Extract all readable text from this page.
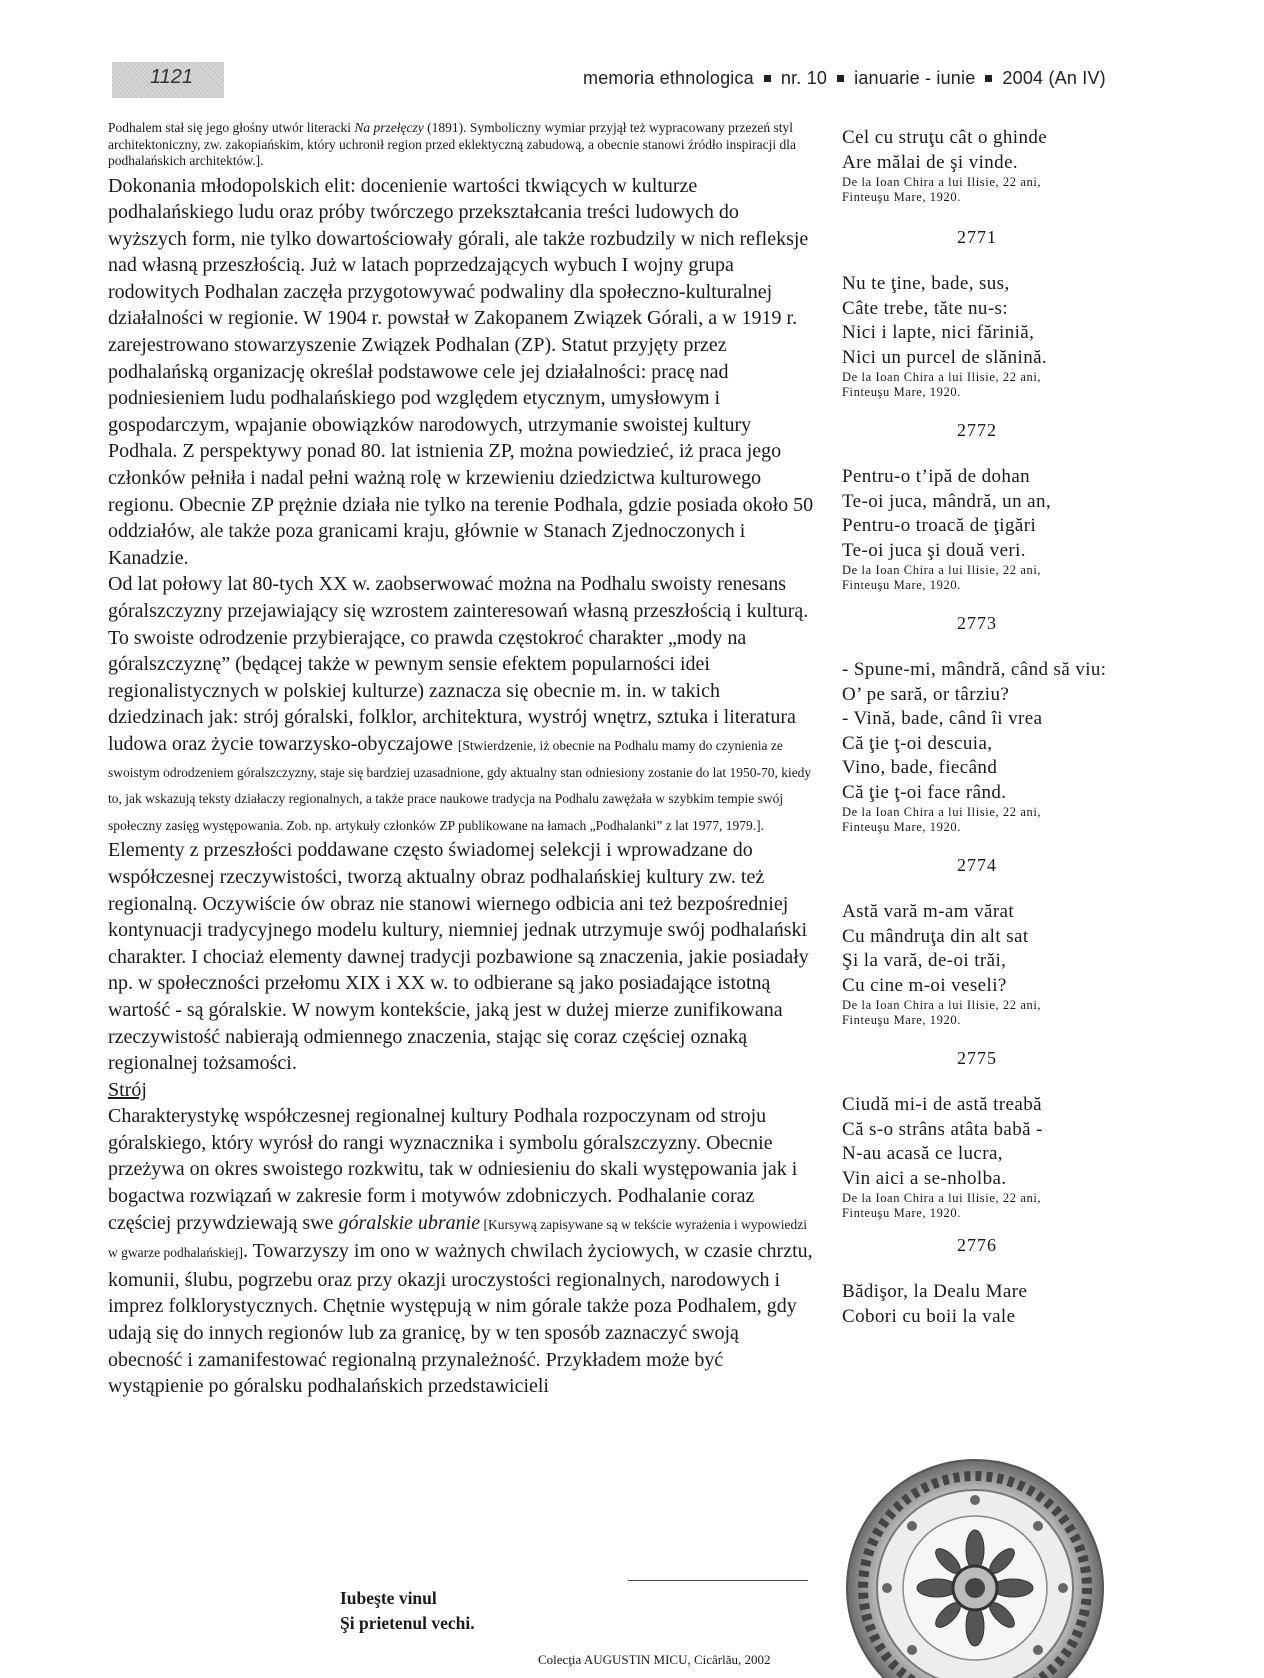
1121	memoria ethnologica nr. 10 ianuarie - iunie 2004 (An IV)

Podhalem stał się jego głośny utwór literacki Na przełęczy (1891). Symboliczny wymiar przyjął też wypracowany przezeń styl architektoniczny, zw. zakopiańskim, który uchronił region przed eklektyczną zabudową, a obecnie stanowi źródło inspiracji dla podhalańskich architektów.].

Dokonania młodopolskich elit: docenienie wartości tkwiących w kulturze podhalańskiego ludu oraz próby twórczego przekształcania treści ludowych do wyższych form, nie tylko dowartościowały górali, ale także rozbudzily w nich refleksje nad własną przeszłością. Już w latach poprzedzających wybuch I wojny grupa rodowitych Podhalan zaczęła przygotowywać podwaliny dla społeczno-kulturalnej działalności w regionie. W 1904 r. powstał w Zakopanem Związek Górali, a w 1919 r. zarejestrowano stowarzyszenie Związek Podhalan (ZP). Statut przyjęty przez podhalańską organizację określał podstawowe cele jej działalności: pracę nad podniesieniem ludu podhalańskiego pod względem etycznym, umysłowym i gospodarczym, wpajanie obowiązków narodowych, utrzymanie swoistej kultury Podhala. Z perspektywy ponad 80. lat istnienia ZP, można powiedzieć, iż praca jego członków pełniła i nadal pełni ważną rolę w krzewieniu dziedzictwa kulturowego regionu. Obecnie ZP prężnie działa nie tylko na terenie Podhala, gdzie posiada około 50 oddziałów, ale także poza granicami kraju, głównie w Stanach Zjednoczonych i Kanadzie.

Od lat połowy lat 80-tych XX w. zaobserwować można na Podhalu swoisty renesans góralszczyzny przejawiający się wzrostem zainteresowań własną przeszłością i kulturą. To swoiste odrodzenie przybierające, co prawda częstokroć charakter „mody na góralszczyznę” (będącej także w pewnym sensie efektem popularności idei regionalistycznych w polskiej kulturze) zaznacza się obecnie m. in. w takich dziedzinach jak: strój góralski, folklor, architektura, wystrój wnętrz, sztuka i literatura ludowa oraz życie towarzysko-obyczajowe [Stwierdzenie, iż obecnie na Podhalu mamy do czynienia ze swoistym odrodzeniem góralszczyzny, staje się bardziej uzasadnione, gdy aktualny stan odniesiony zostanie do lat 1950-70, kiedy to, jak wskazują teksty działaczy regionalnych, a także prace naukowe tradycja na Podhalu zawężała w szybkim tempie swój społeczny zasięg występowania. Zob. np. artykuły członków ZP publikowane na łamach „Podhalanki” z lat 1977, 1979.].

Elementy z przeszłości poddawane często świadomej selekcji i wprowadzane do współczesnej rzeczywistości, tworzą aktualny obraz podhalańskiej kultury zw. też regionalną. Oczywiście ów obraz nie stanowi wiernego odbicia ani też bezpośredniej kontynuacji tradycyjnego modelu kultury, niemniej jednak utrzymuje swój podhalański charakter. I chociaż elementy dawnej tradycji pozbawione są znaczenia, jakie posiadały np. w społeczności przełomu XIX i XX w. to odbierane są jako posiadające istotną wartość - są góralskie. W nowym kontekście, jaką jest w dużej mierze zunifikowana rzeczywistość nabierają odmiennego znaczenia, stając się coraz częściej oznaką regionalnej tożsamości.

Strój

Charakterystykę współczesnej regionalnej kultury Podhala rozpoczynam od stroju góralskiego, który wyrósł do rangi wyznacznika i symbolu góralszczyzny. Obecnie przeżywa on okres swoistego rozkwitu, tak w odniesieniu do skali występowania jak i bogactwa rozwiązań w zakresie form i motywów zdobniczych. Podhalanie coraz częściej przywdziewają swe góralskie ubranie [Kursywą zapisywane są w tekście wyrażenia i wypowiedzi w gwarze podhalańskiej]. Towarzyszy im ono w ważnych chwilach życiowych, w czasie chrztu, komunii, ślubu, pogrzebu oraz przy okazji uroczystości regionalnych, narodowych i imprez folklorystycznych. Chętnie występują w nim górale także poza Podhalem, gdy udają się do innych regionów lub za granicę, by w ten sposób zaznaczyć swoją obecność i zamanifestować regionalną przynależność. Przykładem może być wystąpienie po góralsku podhalańskich przedstawicieli

Cel cu struţu cât o ghinde
Are mălai de şi vinde.
De la Ioan Chira a lui Ilisie, 22 ani, Finteuşu Mare, 1920.
2771
Nu te ţine, bade, sus,
Câte trebe, tăte nu-s:
Nici i lapte, nici făriniă,
Nici un purcel de slănină.
De la Ioan Chira a lui Ilisie, 22 ani, Finteuşu Mare, 1920.
2772
Pentru-o t’ipă de dohan
Te-oi juca, mândră, un an,
Pentru-o troacă de ţigări
Te-oi juca şi două veri.
De la Ioan Chira a lui Ilisie, 22 ani, Finteuşu Mare, 1920.
2773
- Spune-mi, mândră, când să viu:
O’ pe sară, or târziu?
- Vină, bade, când îi vrea
Că ţie ţ-oi descuia,
Vino, bade, fiecând
Că ţie ţ-oi face rând.
De la Ioan Chira a lui Ilisie, 22 ani, Finteuşu Mare, 1920.
2774
Astă vară m-am vărat
Cu mândruţa din alt sat
Şi la vară, de-oi trăi,
Cu cine m-oi veseli?
De la Ioan Chira a lui Ilisie, 22 ani, Finteuşu Mare, 1920.
2775
Ciudă mi-i de astă treabă
Că s-o strâns atâta babă -
N-au acasă ce lucra,
Vin aici a se-nholba.
De la Ioan Chira a lui Ilisie, 22 ani, Finteuşu Mare, 1920.
2776
Bădişor, la Dealu Mare
Cobori cu boii la vale
Iubeşte vinul
Şi prietenul vechi.
Colecţia AUGUSTIN MICU, Cicârlău, 2002
